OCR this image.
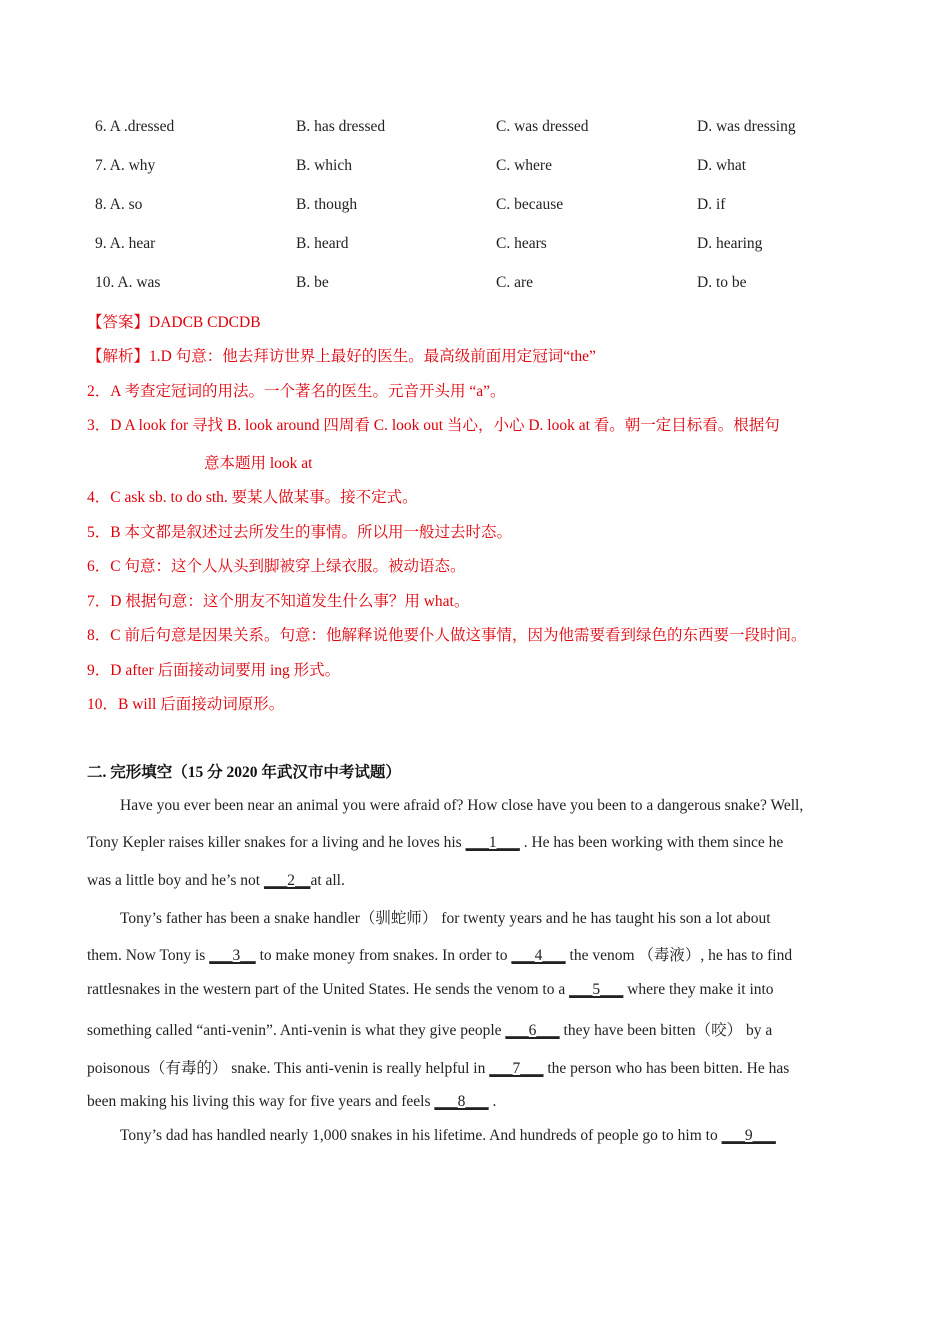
6. A .dressed	B. has dressed	C. was dressed	D. was dressing
7. A. why	B. which	C. where	D. what
8. A. so	B. though	C. because	D. if
9. A. hear	B. heard	C. hears	D. hearing
10. A. was	B. be	C. are	D. to be
【答案】DADCB CDCDB
【解析】1.D 句意：他去拜访世界上最好的医生。最高级前面用定冠词“the”
2．A 考查定冠词的用法。一个著名的医生。元音开头用 “a”。
3．D A look for 寻找 B. look around 四周看 C. look out 当心，小心 D. look at 看。朝一定目标看。根据句
意本题用 look at
4．C ask sb. to do sth. 要某人做某事。接不定式。
5．B 本文都是叙述过去所发生的事情。所以用一般过去时态。
6．C 句意：这个人从头到脚被穿上绿衣服。被动语态。
7．D 根据句意：这个朋友不知道发生什么事？用 what。
8．C 前后句意是因果关系。句意：他解释说他要仆人做这事情，因为他需要看到绿色的东西要一段时间。
9．D after 后面接动词要用 ing 形式。
10．B will 后面接动词原形。
二. 完形填空（15 分 2020 年武汉市中考试题）
Have you ever been near an animal you were afraid of? How close have you been to a dangerous snake? Well,
Tony Kepler raises killer snakes for a living and he loves his ___1___ . He has been working with them since he
was a little boy and he’s not ___2__at all.
Tony’s father has been a snake handler（驯蛇师） for twenty years and he has taught his son a lot about
them. Now Tony is ___3__ to make money from snakes. In order to ___4___ the venom （毒液）, he has to find
rattlesnakes in the western part of the United States. He sends the venom to a ___5___ where they make it into
something called “anti-venin”. Anti-venin is what they give people ___6___ they have been bitten（咬） by a
poisonous（有毒的） snake. This anti-venin is really helpful in ___7___ the person who has been bitten. He has
been making his living this way for five years and feels ___8___ .
Tony’s dad has handled nearly 1,000 snakes in his lifetime. And hundreds of people go to him to ___9___
